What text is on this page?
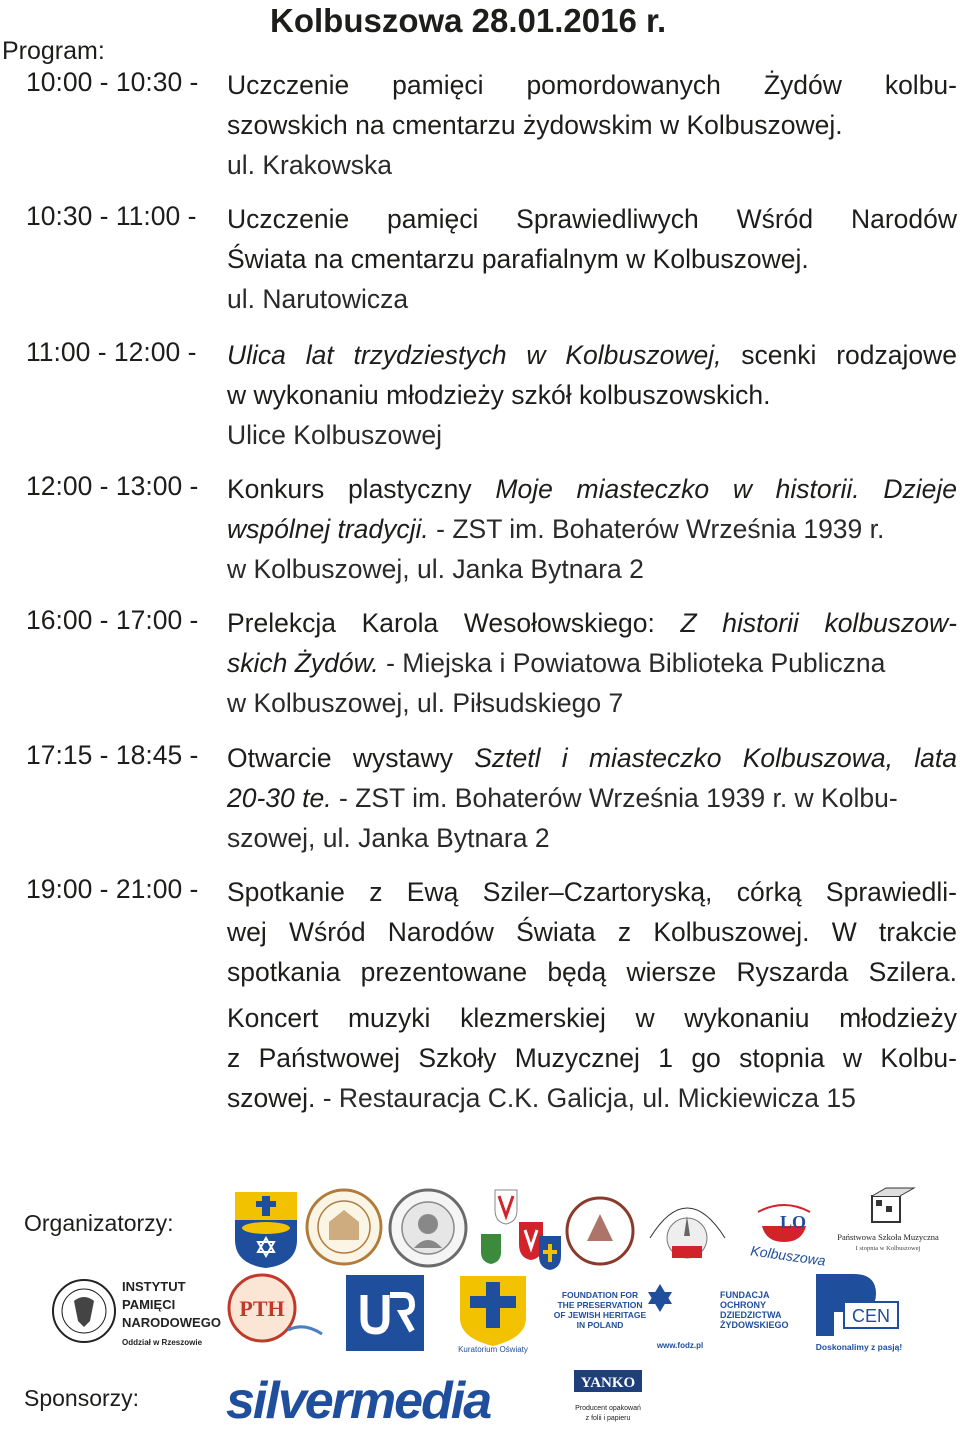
Kolbuszowa 28.01.2016 r.
Program:
10:00 - 10:30 - Uczczenie pamięci pomordowanych Żydów kolbu-
szowskich na cmentarzu żydowskim w Kolbuszowej.
ul. Krakowska
10:30 - 11:00 - Uczczenie pamięci Sprawiedliwych Wśród Narodów
Świata na cmentarzu parafialnym w Kolbuszowej.
ul. Narutowicza
11:00 - 12:00 - Ulica lat trzydziestych w Kolbuszowej, scenki rodzajowe
w wykonaniu młodzieży szkół kolbuszowskich.
Ulice Kolbuszowej
12:00 - 13:00 - Konkurs plastyczny Moje miasteczko w historii. Dzieje
wspólnej tradycji. - ZST im. Bohaterów Września 1939 r.
w Kolbuszowej, ul. Janka Bytnara 2
16:00 - 17:00 - Prelekcja Karola Wesołowskiego: Z historii kolbuszow-
skich Żydów. - Miejska i Powiatowa Biblioteka Publiczna
w Kolbuszowej, ul. Piłsudskiego 7
17:15 - 18:45 - Otwarcie wystawy Sztetl i miasteczko Kolbuszowa, lata
20-30 te. - ZST im. Bohaterów Września 1939 r. w Kolbu-
szowej, ul. Janka Bytnara 2
19:00 - 21:00 - Spotkanie z Ewą Sziler–Czartoryską, córką Sprawiedli-
wej Wśród Narodów Świata z Kolbuszowej. W trakcie
spotkania prezentowane będą wiersze Ryszarda Szilera.
Koncert muzyki klezmerskiej w wykonaniu młodzieży
z Państwowej Szkoły Muzycznej 1 go stopnia w Kolbu-
szowej. - Restauracja C.K. Galicja, ul. Mickiewicza 15
Organizatorzy:	LO
Kolbuszowa
Państwowa Szkoła Muzyczna
I stopnia w Kolbuszowej
INSTYTUT
PAMIĘCI
NARODOWEGO
Oddział w Rzeszowie
PTH
Kuratorium Oświaty
FOUNDATION FOR
THE PRESERVATION
OF JEWISH HERITAGE
IN POLAND
www.fodz.pl
FUNDACJA
OCHRONY
DZIEDZICTWA
ŻYDOWSKIEGO	CEN
Doskonalimy z pasją!
Sponsorzy: silvermedia	YANKO
Producent opakowań
z folii i papieru
